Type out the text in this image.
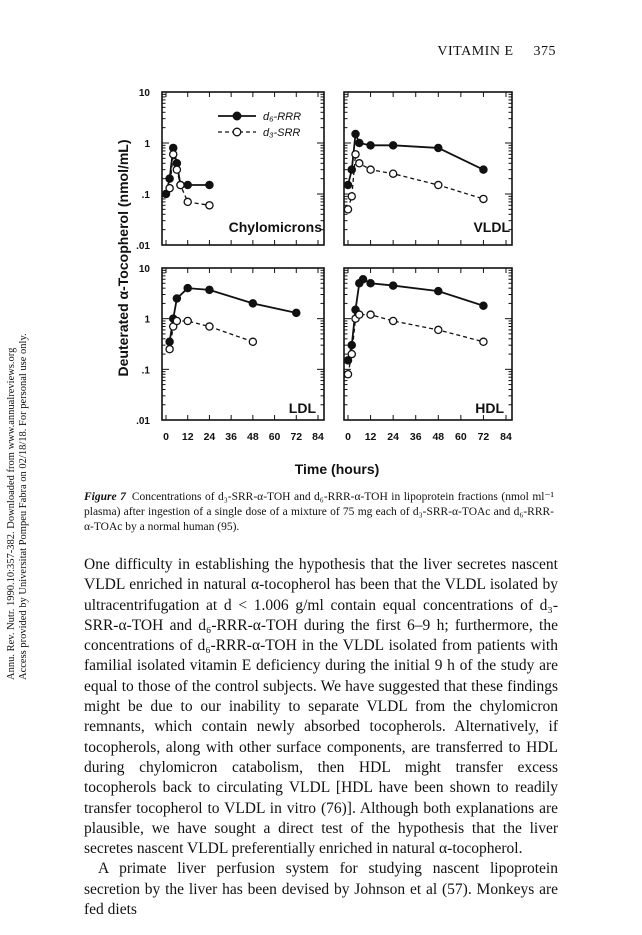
VITAMIN E 375
Annu. Rev. Nutr. 1990.10:357-382. Downloaded from www.annualreviews.org Access provided by Universitat Pompeu Fabra on 02/18/18. For personal use only.
Chylomicrons	VLDL
LDL	HDL
10
1
.1
.01
10
1
.1
.01
0 12 24 36 48 60 72 84 0 12 24 36 48 60 72 84
Time (hours)
Deuterated α-Tocopherol (nmol/mL)
d₆-RRR
d₃-SRR
Figure 7 Concentrations of d₃-SRR-α-TOH and d₆-RRR-α-TOH in lipoprotein fractions (nmol ml⁻¹ plasma) after ingestion of a single dose of a mixture of 75 mg each of d₃-SRR-α-TOAc and d₆-RRR-α-TOAc by a normal human (95).

One difficulty in establishing the hypothesis that the liver secretes nascent VLDL enriched in natural α-tocopherol has been that the VLDL isolated by ultracentrifugation at d < 1.006 g/ml contain equal concentrations of d₃-SRR-α-TOH and d₆-RRR-α-TOH during the first 6–9 h; furthermore, the concentrations of d₆-RRR-α-TOH in the VLDL isolated from patients with familial isolated vitamin E deficiency during the initial 9 h of the study are equal to those of the control subjects. We have suggested that these findings might be due to our inability to separate VLDL from the chylomicron remnants, which contain newly absorbed tocopherols. Alternatively, if tocopherols, along with other surface components, are transferred to HDL during chylomicron catabolism, then HDL might transfer excess tocopherols back to circulating VLDL [HDL have been shown to readily transfer tocopherol to VLDL in vitro (76)]. Although both explanations are plausible, we have sought a direct test of the hypothesis that the liver secretes nascent VLDL preferentially enriched in natural α-tocopherol.

A primate liver perfusion system for studying nascent lipoprotein secretion by the liver has been devised by Johnson et al (57). Monkeys are fed diets
